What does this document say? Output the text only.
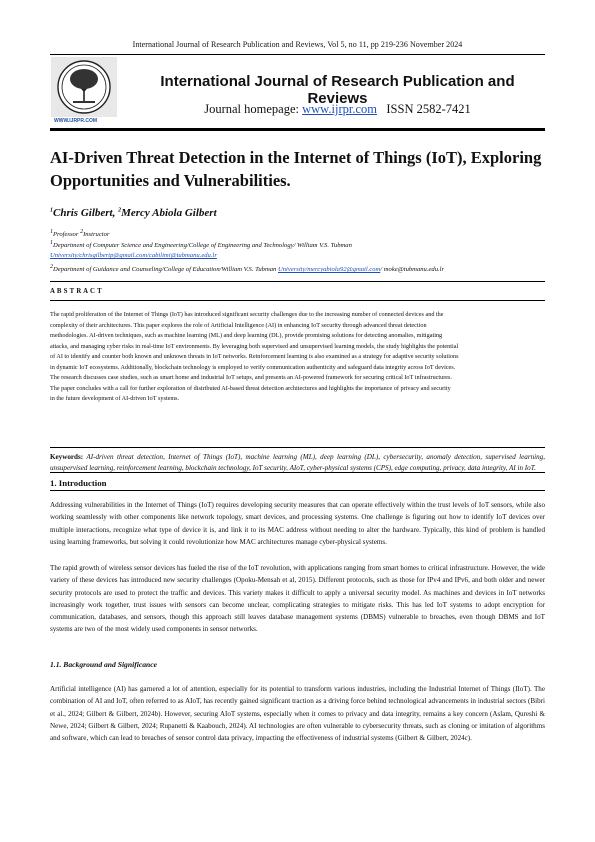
International Journal of Research Publication and Reviews, Vol 5, no 11, pp 219-236 November 2024
WWW.IJRPR.COM
International Journal of Research Publication and Reviews
Journal homepage: www.ijrpr.com ISSN 2582-7421
AI-Driven Threat Detection in the Internet of Things (IoT), Exploring Opportunities and Vulnerabilities.
$^1$Chris Gilbert, $^2$Mercy Abiola Gilbert
$^1$Professor $^2$Instructor
$^1$Department of Computer Science and Engineering/College of Engineering and Technology/ William V.S. Tubman
University/chrisgilbertp@gmail.com/cabilimi@tubmanu.edu.lr
$^2$Department of Guidance and Counseling/College of Education/William V.S. Tubman University/mercyabiola92@gmail.com/ moke@tubmanu.edu.lr
A B S T R A C T
The rapid proliferation of the Internet of Things (IoT) has introduced significant security challenges due to the increasing number of connected devices and the
complexity of their architectures. This paper explores the role of Artificial Intelligence (AI) in enhancing IoT security through advanced threat detection
methodologies. AI-driven techniques, such as machine learning (ML) and deep learning (DL), provide promising solutions for detecting anomalies, mitigating
attacks, and managing cyber risks in real-time IoT environments. By leveraging both supervised and unsupervised learning models, the study highlights the potential
of AI to identify and counter both known and unknown threats in IoT networks. Reinforcement learning is also examined as a strategy for adaptive security solutions
in dynamic IoT ecosystems. Additionally, blockchain technology is employed to verify communication authenticity and safeguard data integrity across IoT devices.
The research discusses case studies, such as smart home and industrial IoT setups, and presents an AI-powered framework for securing critical IoT infrastructures.
The paper concludes with a call for further exploration of distributed AI-based threat detection architectures and highlights the importance of privacy and security
in the future development of AI-driven IoT systems.
Keywords: AI-driven threat detection, Internet of Things (IoT), machine learning (ML), deep learning (DL), cybersecurity, anomaly detection, supervised learning, unsupervised learning, reinforcement learning, blockchain technology, IoT security, AIoT, cyber-physical systems (CPS), edge computing, privacy, data integrity, AI in IoT.
1. Introduction
Addressing vulnerabilities in the Internet of Things (IoT) requires developing security measures that can operate effectively within the trust levels of IoT sensors, while also working seamlessly with other components like network topology, smart devices, and processing systems. One challenge is figuring out how to identify IoT devices over multiple interactions, recognize what type of device it is, and link it to its MAC address without needing to alter the hardware. Typically, this kind of problem is handled using learning frameworks, but solving it could revolutionize how MAC architectures manage cyber-physical systems.
The rapid growth of wireless sensor devices has fueled the rise of the IoT revolution, with applications ranging from smart homes to critical infrastructure. However, the wide variety of these devices has introduced new security challenges (Opoku-Mensah et al, 2015). Different protocols, such as those for IPv4 and IPv6, and both older and newer security protocols are used to protect the traffic and devices. This variety makes it difficult to apply a universal security model. As machines and devices in IoT networks increasingly work together, trust issues with sensors can become unclear, complicating strategies to mitigate risks. This has led IoT systems to adopt encryption for communication, databases, and sensors, though this approach still leaves database management systems (DBMS) vulnerable to breaches, even though DBMS and IoT systems are two of the most widely used components in sensor networks.
1.1. Background and Significance
Artificial intelligence (AI) has garnered a lot of attention, especially for its potential to transform various industries, including the Industrial Internet of Things (IIoT). The combination of AI and IoT, often referred to as AIoT, has recently gained significant traction as a driving force behind technological advancements in industrial sectors (Bibri et al., 2024; Gilbert & Gilbert, 2024b). However, securing AIoT systems, especially when it comes to privacy and data integrity, remains a key concern (Aslam, Qureshi & Newe, 2024; Gilbert & Gilbert, 2024; Rupanetti & Kaabouch, 2024). AI technologies are often vulnerable to cybersecurity threats, such as cloning or imitation of algorithms and software, which can lead to breaches of sensor control data privacy, impacting the effectiveness of industrial systems (Gilbert & Gilbert, 2024c).
